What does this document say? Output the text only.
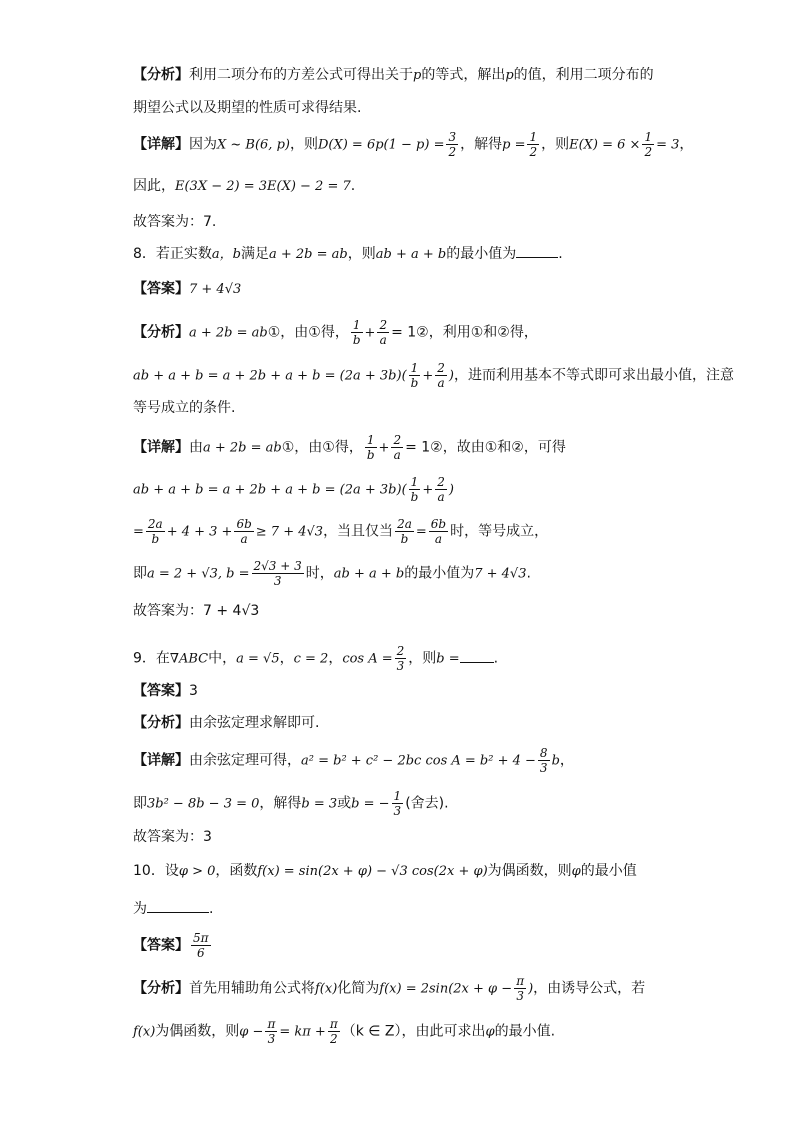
【分析】利用二项分布的方差公式可得出关于p的等式，解出p的值，利用二项分布的
期望公式以及期望的性质可求得结果.
【详解】因为X ~ B(6, p)，则$D(X) = 6p(1 - p) = \frac{3}{2}$ ，解得$p = \frac{1}{2}$ ，则$E(X) = 6 \times \frac{1}{2} = 3$，
因此，E(3X − 2) = 3E(X) − 2 = 7.
故答案为：7.
8．若正实数a，b满足a + 2b = ab，则ab + a + b的最小值为	.
【答案】7 + 4√3
【分析】a + 2b = ab①，由①得， $\frac{1}{b} + \frac{2}{a}$ = 1②，利用①和②得，
ab + $a + b = a + 2b + a + b = (2a + 3b)( \frac{1}{b} + \frac{2}{a}$ )，进而利用基本不等式即可求出最小值，注意
等号成立的条件.
【详解】由a + 2b = ab①，由①得， $\frac{1}{b} + \frac{2}{a}$ = 1②，故由①和②，可得
ab + $a + b = a + 2b + a + b = (2a + 3b)( \frac{1}{b} + \frac{2}{a}$ )
= $\frac{2a}{b} + 4 + 3 + \frac{6b}{a} \ge 7 + 4√3$，当且仅当 $\frac{2a}{b} = \frac{6b}{a}$ 时，等号成立，
即a = 2 + √3, $b = \frac{2√3 + 3}{3}$ 时，ab + a + b的最小值为7 + 4√3.
故答案为：7 + 4√3
9．在∇ABC中，a = √5，c = 2，$\cos A = \frac{2}{3}$ ，则b = .
【答案】3
【分析】由余弦定理求解即可.
【详解】由余弦定理可得，a² = b² + c² − 2bc $\cos A = b^2 + 4 - \frac{8}{3}$ b，
即3b² − 8b − 3 = 0，解得b = 3或b = − $\frac{1}{3}$ (舍去).
故答案为：3
10．设φ > 0，函数f(x) = sin(2x + φ) − √3 cos(2x + φ)为偶函数，则φ的最小值
为	.
【答案】 $\frac{5\pi}{6}$
【分析】首先用辅助角公式将f(x)化简为$f(x) = 2\sin(2x + \varphi - \frac{\pi}{3}$ )，由诱导公式，若
f(x)为偶函数，则$\varphi - \frac{\pi}{3} = k\pi + \frac{\pi}{2} (k$ ∈ Z），由此可求出φ的最小值.
